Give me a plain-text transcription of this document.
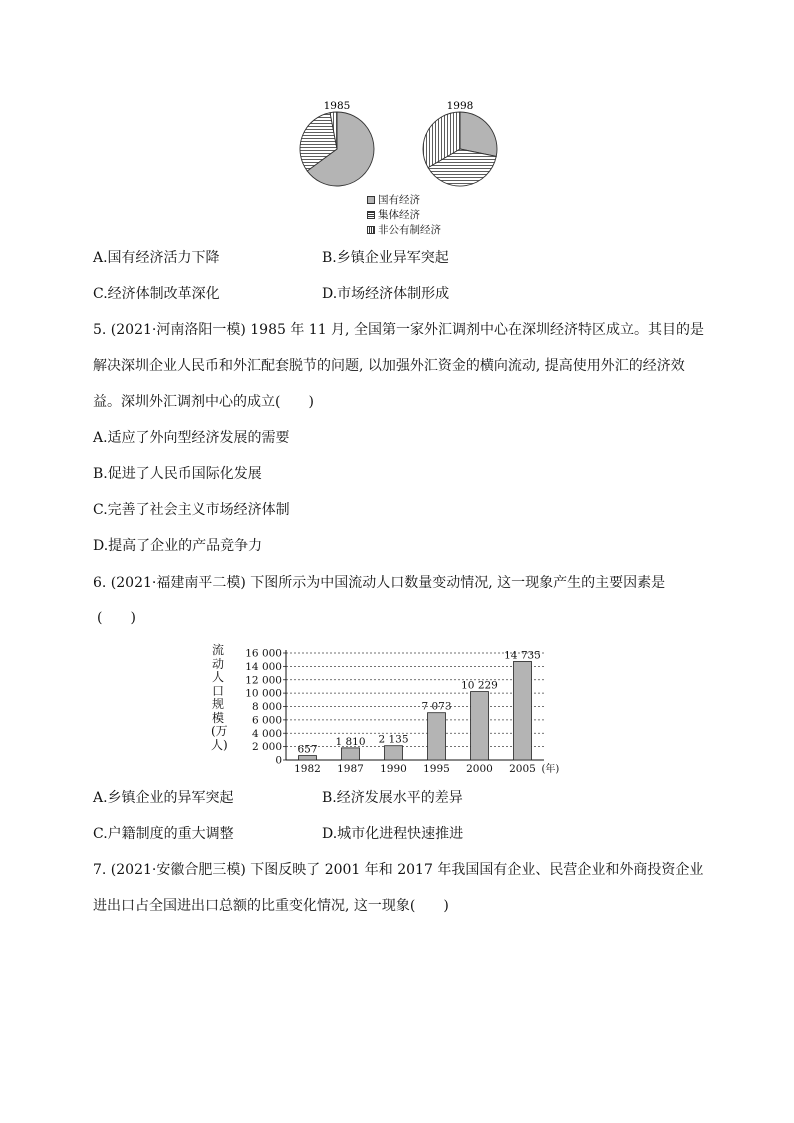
1985	1998
国有经济
集体经济
非公有制经济
A.国有经济活力下降	B.乡镇企业异军突起
C.经济体制改革深化	D.市场经济体制形成
5. (2021·河南洛阳一模) 1985 年 11 月, 全国第一家外汇调剂中心在深圳经济特区成立。其目的是
解决深圳企业人民币和外汇配套脱节的问题, 以加强外汇资金的横向流动, 提高使用外汇的经济效
益。深圳外汇调剂中心的成立(　　)
A.适应了外向型经济发展的需要
B.促进了人民币国际化发展
C.完善了社会主义市场经济体制
D.提高了企业的产品竞争力
6. (2021·福建南平二模) 下图所示为中国流动人口数量变动情况, 这一现象产生的主要因素是
(　　)
流动人口规模(万人)
0
2 000
4 000
6 000
8 000
10 000
12 000
14 000
16 000
657
1982
1 810
1987
2 135
1990
7 073
1995
10 229
2000
14 735
2005 (年)
A.乡镇企业的异军突起	B.经济发展水平的差异
C.户籍制度的重大调整	D.城市化进程快速推进
7. (2021·安徽合肥三模) 下图反映了 2001 年和 2017 年我国国有企业、民营企业和外商投资企业
进出口占全国进出口总额的比重变化情况, 这一现象(　　)
